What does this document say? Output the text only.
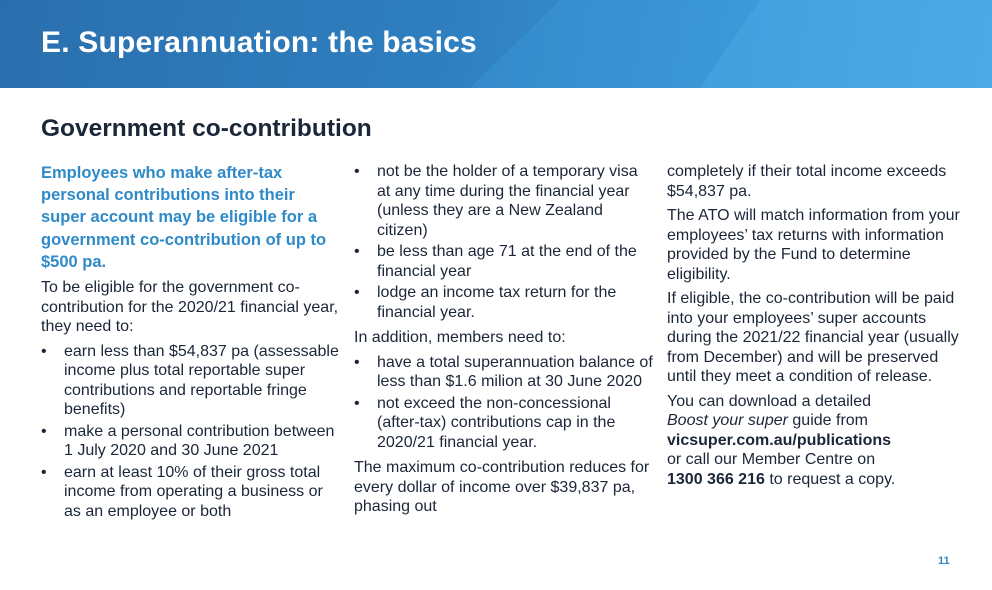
E. Superannuation: the basics
Government co-contribution

Employees who make after-tax personal contributions into their super account may be eligible for a government co-contribution of up to $500 pa.

To be eligible for the government co-contribution for the 2020/21 financial year, they need to:

• earn less than $54,837 pa (assessable income plus total reportable super contributions and reportable fringe benefits)
• make a personal contribution between 1 July 2020 and 30 June 2021
• earn at least 10% of their gross total income from operating a business or as an employee or both
• not be the holder of a temporary visa at any time during the financial year (unless they are a New Zealand citizen)
• be less than age 71 at the end of the financial year
• lodge an income tax return for the financial year.

In addition, members need to:

• have a total superannuation balance of less than $1.6 milion at 30 June 2020
• not exceed the non-concessional (after-tax) contributions cap in the 2020/21 financial year.

The maximum co-contribution reduces for every dollar of income over $39,837 pa, phasing out

completely if their total income exceeds $54,837 pa.

The ATO will match information from your employees’ tax returns with information provided by the Fund to determine eligibility.

If eligible, the co-contribution will be paid into your employees’ super accounts during the 2021/22 financial year (usually from December) and will be preserved until they meet a condition of release.

You can download a detailed
Boost your super guide from
vicsuper.com.au/publications
or call our Member Centre on
1300 366 216 to request a copy.

11
